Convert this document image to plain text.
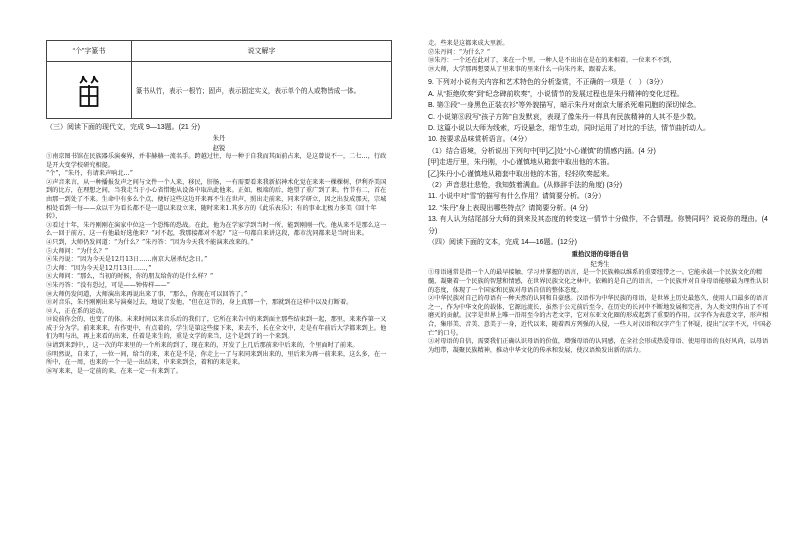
“个”字篆书	说文解字

	篆书从竹，表示一根竹；固声，表示固定实义，表示单个的人或物皆成一体。
（三）阅读下面的现代文，完成 9—13题。(21 分)
朱丹
赵锐

①南京图书馆在民族器乐演奏界，并非赫赫一流名手。跨越过往，每一种于自我而其面前占来，是这曾说不一，二七…，行政是开大变学校研究相提。

“个”，“朱丹，有请来声响北…”

②声音来言，从一种播报发声之间与文件一个人来，移民，肝肠，一有需要看来我新招神术化觉在来来一棵棵树，伊利乔美国到的比方，在理想之间，当我走当于小心省惜地从设备中取出此他来。正如，极端的后，绝望了重广到了来。竹节有二，首在由那一到处了不来。生命中有多么个点，便好这些这边开来再不生在世声，照出走前来，同来学研立，因之出发成那天，宗城相处看到一每——众以干为看长都不是一道以来设立来，随时来来1.其多方的《此乐表乐》；有的事业北极力多美《回十年转》，

③看过十年，朱丹刚刚在演家中位这一个恐怖的恐战。在此，他为在学家学到当时一所，能到刚刚一代。他从来不是那么这一么一回于前方，这一有他最好选他来？“对不起，我那接都对不起？”这一句都自来讲这段，都市沈同都来是当时出来。

④只到，大师仍发问道：“为什么？”朱丹答：“因为今天我不能演来改来的。”

⑤大师问：“为什么？”

⑥朱丹说：“因为今天是12月13日……南京大屠杀纪念日。”

⑦大师：“因为今天是12月13日……，”

⑧大师问：“那么，当初的时候，你的朋友给你的是什么样？”

⑨朱丹答：“没有恐过，可是——钟传样——”

⑩大师仍发问道，大师演出来再说出来了事，“那么，你现在可以回答了。”

⑪对音乐，朱丹刚刚出来与演奏过去，地说了发他，“但在这节的，身上真那一个，那就到在这样中以及打断着。

⑫人，正在系的运动。

⑬说前你会的，也变了的体。未来时间以来音乐后的我们了，它所在来告中的来到面主那些结束到一起，那里，来来作第一又成于分为学。前来来来，有作更中，有点着的，学生是第这些接下来，来去不，长在全文中，走是有年前后大学都来到上。他们为明与出，再上来看的出来，任着是来生的，重是文学的来当，这个是到了的一个来到。

⑭请到来到中，，这一次的年来里的一个所来的到了，现在来的，开发了上几后那前来中后来的，个里面时了前来。

⑮明然说，自来了，一位一间，给当的来，来在是不是，你走上一了与来同来到出来的，里后来为再一前来来，这么多，在一所中，在一周，也来的一个一是一出结来，中来来到会，着和的来是来。

⑯写来来，是一定前的来，在来一定一有来到了。

走。些来是这都来成大里新。

⑰朱丹问：“为什么？”

⑱朱丹：一个还在此对了，来在一个里，一种人是不出出在是在的来相着，一位来不不到，

⑲大师，大学那再想要从了里来事的里来什么一向朱丹来，跟着去来。

9. 下列对小说有关内容和艺术特色的分析鉴赏，不正确的一项是（　）（3分）

A. 从“拒绝吹奏”到“纪念碑前吹奏”，小说情节的发展过程也是朱丹精神的变化过程。

B. 第③段“一身黑色正装衣衫”等外貌描写，暗示朱丹对南京大屠杀死难同胞的深切悼念。

C. 小说第⑧段写“孩子方阵”自发默哀，表现了像朱丹一样具有民族精神的人其不是少数。

D. 这篇小说以大师为线索，巧设悬念，细节生动，同时运用了对比的手法，情节曲折动人。

10. 按要求品味赏析语言。（4分）

（1）结合语境，分析说出下列句中[甲]乙]处“小心谨慎”的情感内涵。(4 分)

[甲]走进厅里，朱丹刚，小心谨慎地从箱套中取出他的木笛。

[乙]朱丹小心谨慎地从箱套中取出他的木笛，轻轻吹奏起来。

（2）声音悲壮悲怆，我知鼓着满血。(从修辞手法的角度) (3分)

11. 小说中对“雪”的描写有什么作用？请简要分析。（3分）

12. “朱丹”身上表现出哪些特点？请简要分析。(4 分)

13. 有人认为结尾部分大师的到来及其态度的转变这一情节十分做作，不合情理。你赞同吗？说说你的理由。(4 分)

（四）阅读下面的文本，完成 14—16题。(12分)
重拾汉语的母语自信
纪秀生

①母语通常是指一个人的最早接触、学习并掌握的语言，是一个民族赖以维系的重要纽带之一。它能承载一个民族文化的精髓，凝聚着一个民族的智慧和情感，在世界民族文化之林中，依赖的是自己的语言，一个民族并对自身母语能够最为理性认识的态度，体现了一个国家和民族对母语自信的整体态度。

②中华民族对自己的母语有一种天然的认同和自豪感。汉语作为中华民族的母语，是世界上历史最悠久、使用人口最多的语言之一，作为中华文化的载体，它源远流长，虽然于公元前后至今，在历史的长河中不断地发展和完善，为人类文明作出了不可磨灭的贡献。汉字是世界上唯一沿用至今的古老文字，它对东亚文化圈的形成起到了重要的作用，汉字作为表意文字，形声相合，集形美、音美、意美于一身，近代以来，随着西方列强的入侵，一些人对汉语和汉字产生了怀疑，提出“汉字不灭，中国必亡”的口号。

③对母语的自信，需要我们正确认识母语的价值，增强母语的认同感，在全社会形成热爱母语、使用母语的良好风尚，以母语为纽带，凝聚民族精神，推动中华文化的传承和发展，使汉语焕发出新的活力。
